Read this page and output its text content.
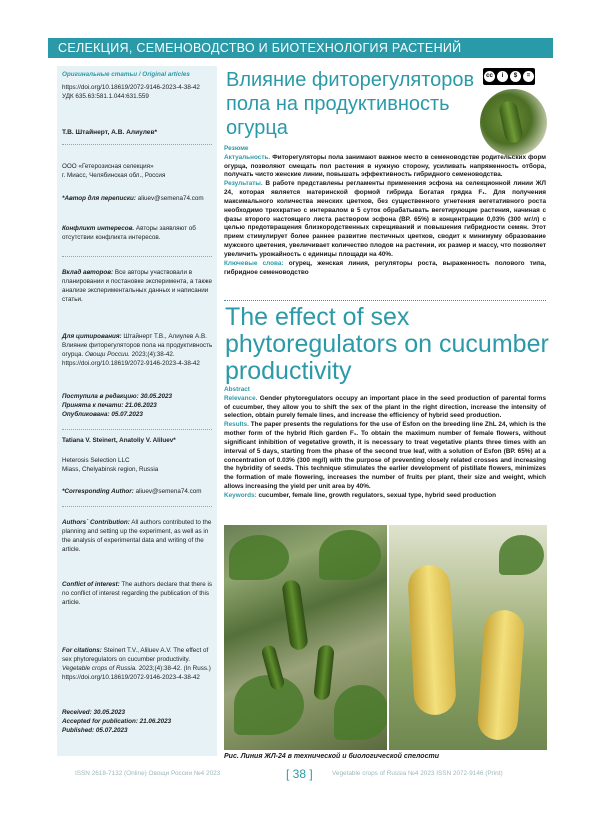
СЕЛЕКЦИЯ, СЕМЕНОВОДСТВО И БИОТЕХНОЛОГИЯ РАСТЕНИЙ
Оригинальные статьи / Original articles
https://doi.org/10.18619/2072-9146-2023-4-38-42
УДК 635.63:581.1.044:631.559
Т.В. Штайнерт, А.В. Алиулев*
ООО «Гетерозисная селекция»
г. Миасс, Челябинская обл., Россия
*Автор для переписки: aliuev@semena74.com
Конфликт интересов. Авторы заявляют об отсутствии конфликта интересов.
Вклад авторов: Все авторы участвовали в планировании и постановке эксперимента, а также анализе экспериментальных данных и написании статьи.
Для цитирования: Штайнерт Т.В., Алиулев А.В. Влияние фиторегуляторов пола на продуктивность огурца. Овощи России. 2023;(4):38-42. https://doi.org/10.18619/2072-9146-2023-4-38-42
Поступила в редакцию: 30.05.2023
Принята к печати: 21.06.2023
Опубликована: 05.07.2023
Tatiana V. Steinert, Anatoliy V. Aliluev*
Heterosis Selection LLC
Miass, Chelyabinsk region, Russia
*Corresponding Author: aliuev@semena74.com
Authors` Contribution: All authors contributed to the planning and setting up the experiment, as well as in the analysis of experimental data and writing of the article.
Conflict of interest: The authors declare that there is no conflict of interest regarding the publication of this article.
For citations: Steinert T.V., Aliluev A.V. The effect of sex phytoregulators on cucumber productivity. Vegetable crops of Russia. 2023;(4):38-42. (In Russ.) https://doi.org/10.18619/2072-9146-2023-4-38-42
Received: 30.05.2023
Accepted for publication: 21.06.2023
Published: 05.07.2023
Влияние фиторегуляторов пола на продуктивность огурца
cc	i	$	=
Резюме
Актуальность. Фиторегуляторы пола занимают важное место в семеноводстве родительских форм огурца, позволяют смещать пол растения в нужную сторону, усиливать напряженность отбора, получать чисто женские линии, повышать эффективность гибридного семеноводства.
Результаты. В работе представлены регламенты применения эсфона на селекционной линии ЖЛ 24, которая является материнской формой гибрида Богатая грядка F₁. Для получения максимального количества женских цветков, без существенного угнетения вегетативного роста необходимо трехкратно с интервалом в 5 суток обрабатывать вегетирующие растения, начиная с фазы второго настоящего листа раствором эсфона (ВР. 65%) в концентрации 0,03% (300 мг/л) с целью предотвращения близкородственных скрещиваний и повышения гибридности семян. Этот прием стимулирует более раннее развитие пестичных цветков, сводит к минимуму образование мужского цветения, увеличивает количество плодов на растении, их размер и массу, что позволяет увеличить урожайность с единицы площади на 40%.
Ключевые слова: огурец, женская линия, регуляторы роста, выраженность полового типа, гибридное семеноводство
The effect of sex phytoregulators on cucumber productivity
Abstract
Relevance. Gender phytoregulators occupy an important place in the seed production of parental forms of cucumber, they allow you to shift the sex of the plant in the right direction, increase the intensity of selection, obtain purely female lines, and increase the efficiency of hybrid seed production.
Results. The paper presents the regulations for the use of Esfon on the breeding line ZhL 24, which is the mother form of the hybrid Rich garden F₁. To obtain the maximum number of female flowers, without significant inhibition of vegetative growth, it is necessary to treat vegetative plants three times with an interval of 5 days, starting from the phase of the second true leaf, with a solution of Esfon (BP. 65%) at a concentration of 0.03% (300 mg/l) with the purpose of preventing closely related crosses and increasing the hybridity of seeds. This technique stimulates the earlier development of pistillate flowers, minimizes the formation of male flowering, increases the number of fruits per plant, their size and weight, which allows increasing the yield per unit area by 40%.
Keywords: cucumber, female line, growth regulators, sexual type, hybrid seed production
Рис. Линия ЖЛ-24 в технической и биологической спелости
ISSN 2618-7132 (Online) Овощи России №4 2023	[ 38 ]	Vegetable crops of Russia №4 2023 ISSN 2072-9146 (Print)
